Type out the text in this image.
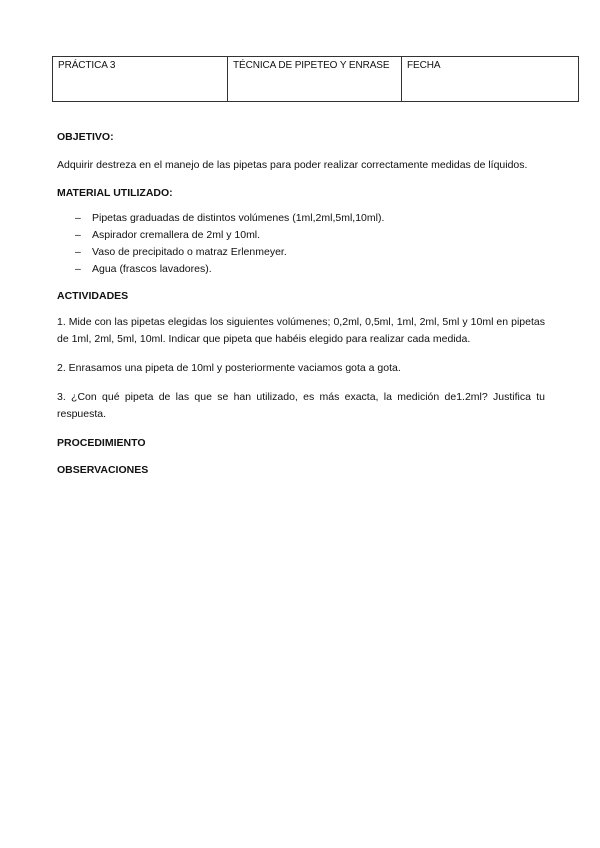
PRÁCTICA 3	TÉCNICA DE PIPETEO Y ENRASE	FECHA
OBJETIVO:

Adquirir destreza en el manejo de las pipetas para poder realizar correctamente medidas de líquidos.

MATERIAL UTILIZADO:
– Pipetas graduadas de distintos volúmenes (1ml,2ml,5ml,10ml).
– Aspirador cremallera de 2ml y 10ml.
– Vaso de precipitado o matraz Erlenmeyer.
– Agua (frascos lavadores).
ACTIVIDADES

1. Mide con las pipetas elegidas los siguientes volúmenes; 0,2ml, 0,5ml, 1ml, 2ml, 5ml y 10ml en pipetas de 1ml, 2ml, 5ml, 10ml. Indicar que pipeta que habéis elegido para realizar cada medida.

2. Enrasamos una pipeta de 10ml y posteriormente vaciamos gota a gota.

3. ¿Con qué pipeta de las que se han utilizado, es más exacta, la medición de1.2ml? Justifica tu respuesta.

PROCEDIMIENTO
OBSERVACIONES
